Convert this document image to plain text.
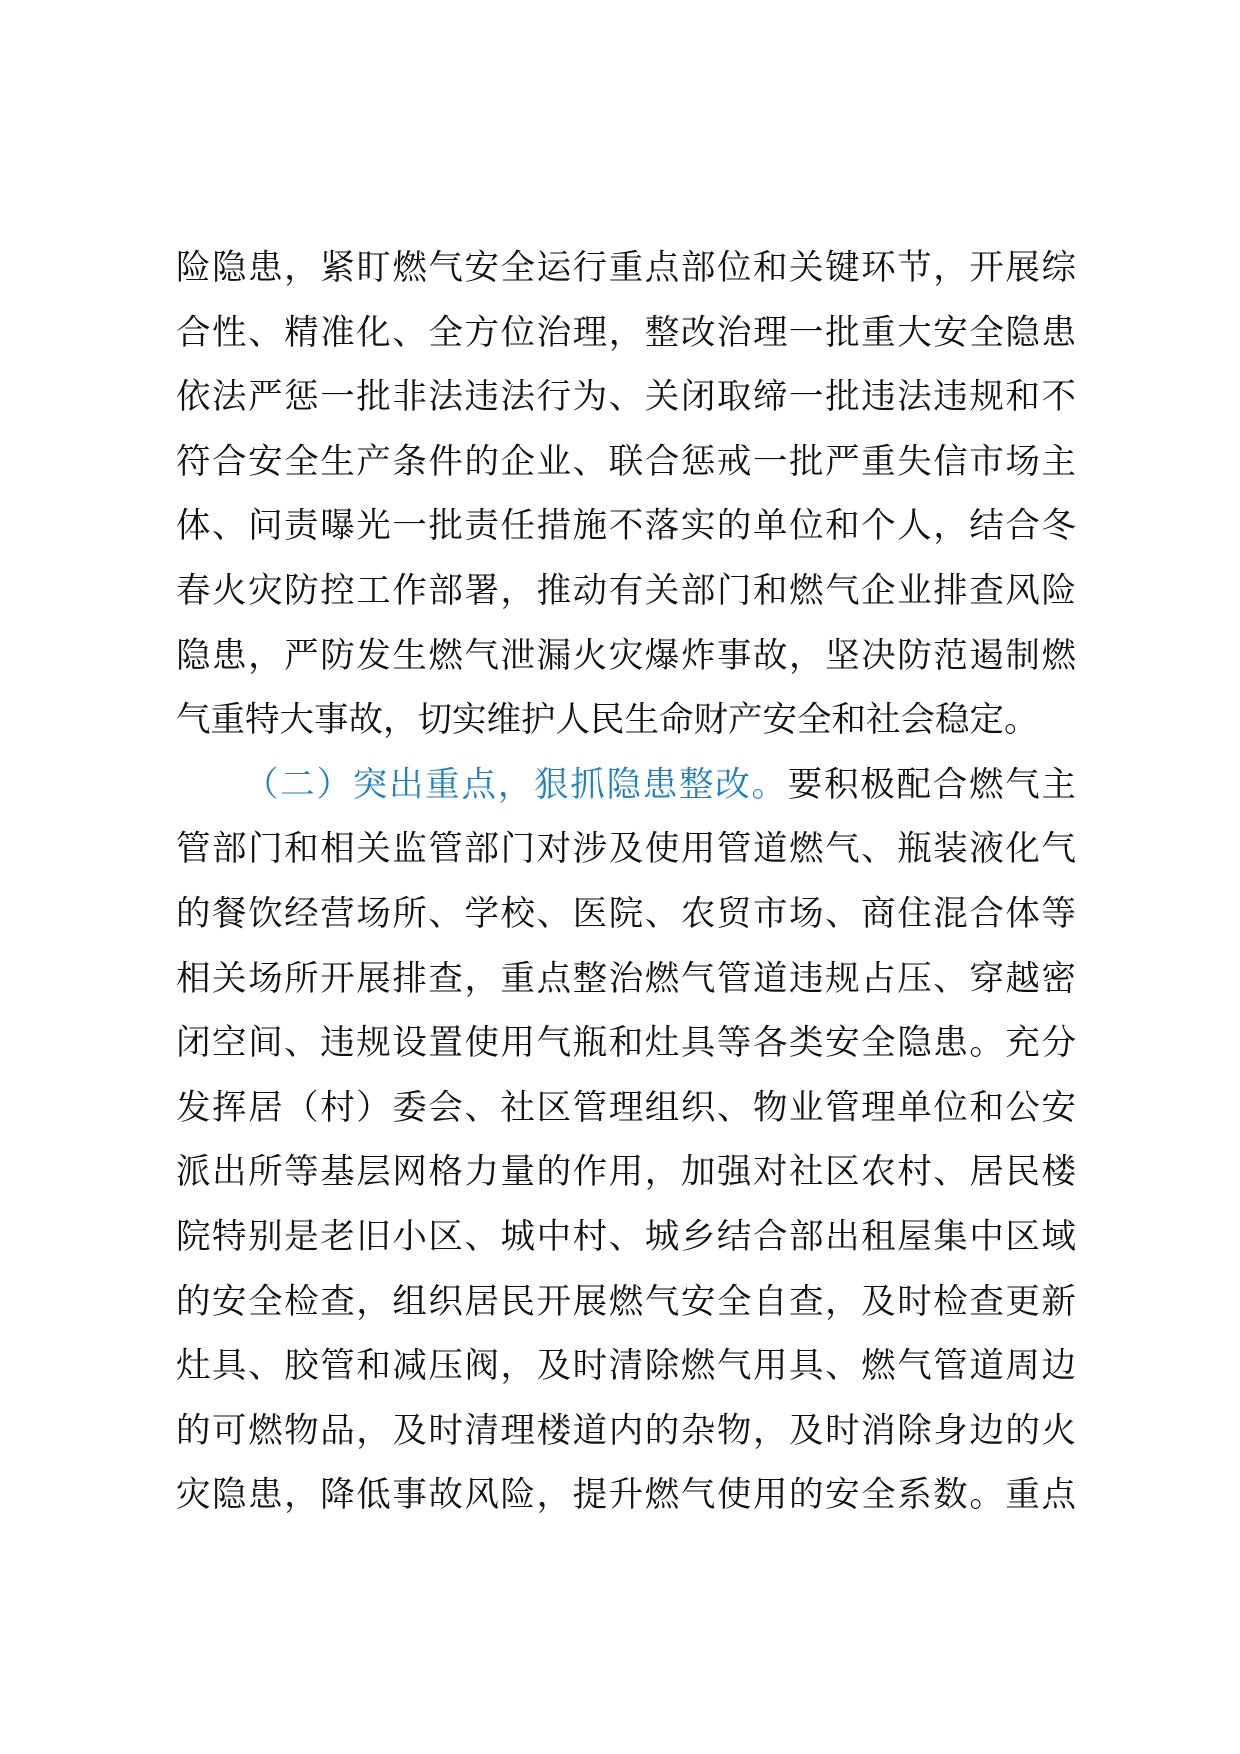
险隐患，紧盯燃气安全运行重点部位和关键环节，开展综
合性、精准化、全方位治理，整改治理一批重大安全隐患
依法严惩一批非法违法行为、关闭取缔一批违法违规和不
符合安全生产条件的企业、联合惩戒一批严重失信市场主
体、问责曝光一批责任措施不落实的单位和个人，结合冬
春火灾防控工作部署，推动有关部门和燃气企业排查风险
隐患，严防发生燃气泄漏火灾爆炸事故，坚决防范遏制燃
气重特大事故，切实维护人民生命财产安全和社会稳定。
（二）突出重点，狠抓隐患整改。要积极配合燃气主
管部门和相关监管部门对涉及使用管道燃气、瓶装液化气
的餐饮经营场所、学校、医院、农贸市场、商住混合体等
相关场所开展排查，重点整治燃气管道违规占压、穿越密
闭空间、违规设置使用气瓶和灶具等各类安全隐患。充分
发挥居（村）委会、社区管理组织、物业管理单位和公安
派出所等基层网格力量的作用，加强对社区农村、居民楼
院特别是老旧小区、城中村、城乡结合部出租屋集中区域
的安全检查，组织居民开展燃气安全自查，及时检查更新
灶具、胶管和减压阀，及时清除燃气用具、燃气管道周边
的可燃物品，及时清理楼道内的杂物，及时消除身边的火
灾隐患，降低事故风险，提升燃气使用的安全系数。重点
